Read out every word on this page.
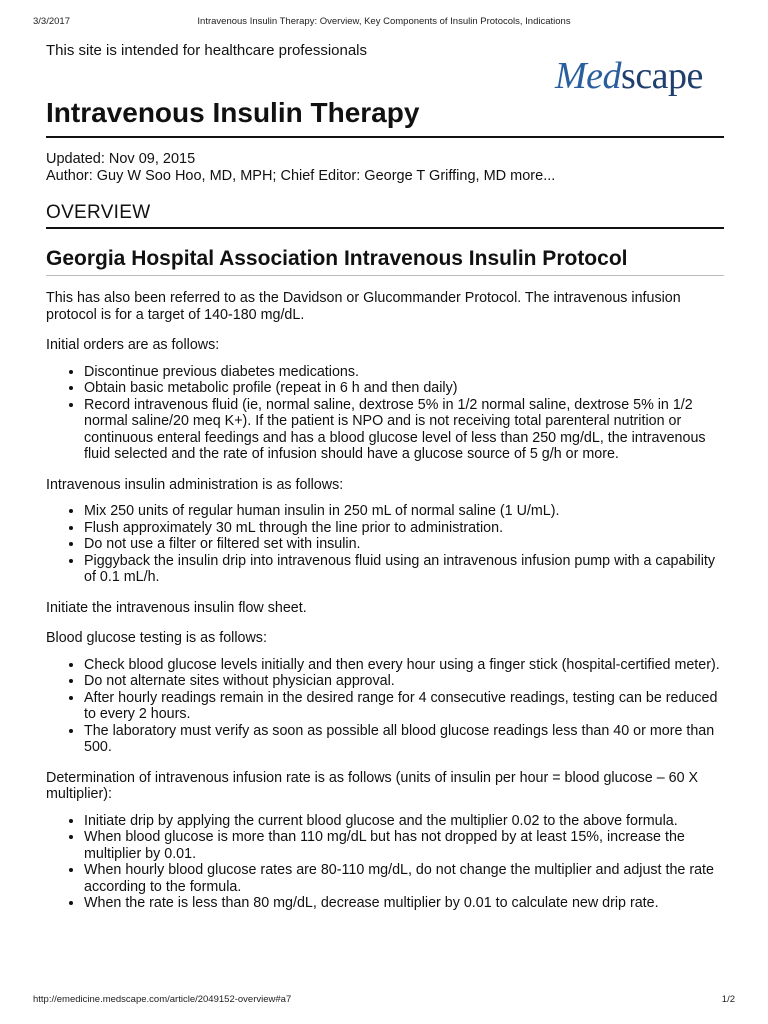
3/3/2017	Intravenous Insulin Therapy: Overview, Key Components of Insulin Protocols, Indications
This site is intended for healthcare professionals
Medscape
Intravenous Insulin Therapy
Updated: Nov 09, 2015
Author: Guy W Soo Hoo, MD, MPH; Chief Editor: George T Griffing, MD more...
OVERVIEW
Georgia Hospital Association Intravenous Insulin Protocol

This has also been referred to as the Davidson or Glucommander Protocol. The intravenous infusion protocol is for a target of 140-180 mg/dL.

Initial orders are as follows:

• Discontinue previous diabetes medications.
• Obtain basic metabolic profile (repeat in 6 h and then daily)
• Record intravenous fluid (ie, normal saline, dextrose 5% in 1/2 normal saline, dextrose 5% in 1/2 normal saline/20 meq K+). If the patient is NPO and is not receiving total parenteral nutrition or continuous enteral feedings and has a blood glucose level of less than 250 mg/dL, the intravenous fluid selected and the rate of infusion should have a glucose source of 5 g/h or more.

Intravenous insulin administration is as follows:

• Mix 250 units of regular human insulin in 250 mL of normal saline (1 U/mL).
• Flush approximately 30 mL through the line prior to administration.
• Do not use a filter or filtered set with insulin.
• Piggyback the insulin drip into intravenous fluid using an intravenous infusion pump with a capability of 0.1 mL/h.

Initiate the intravenous insulin flow sheet.

Blood glucose testing is as follows:

• Check blood glucose levels initially and then every hour using a finger stick (hospital-certified meter).
• Do not alternate sites without physician approval.
• After hourly readings remain in the desired range for 4 consecutive readings, testing can be reduced to every 2 hours.
• The laboratory must verify as soon as possible all blood glucose readings less than 40 or more than 500.

Determination of intravenous infusion rate is as follows (units of insulin per hour = blood glucose – 60 X multiplier):

• Initiate drip by applying the current blood glucose and the multiplier 0.02 to the above formula.
• When blood glucose is more than 110 mg/dL but has not dropped by at least 15%, increase the multiplier by 0.01.
• When hourly blood glucose rates are 80-110 mg/dL, do not change the multiplier and adjust the rate according to the formula.
• When the rate is less than 80 mg/dL, decrease multiplier by 0.01 to calculate new drip rate.
http://emedicine.medscape.com/article/2049152-overview#a7	1/2
